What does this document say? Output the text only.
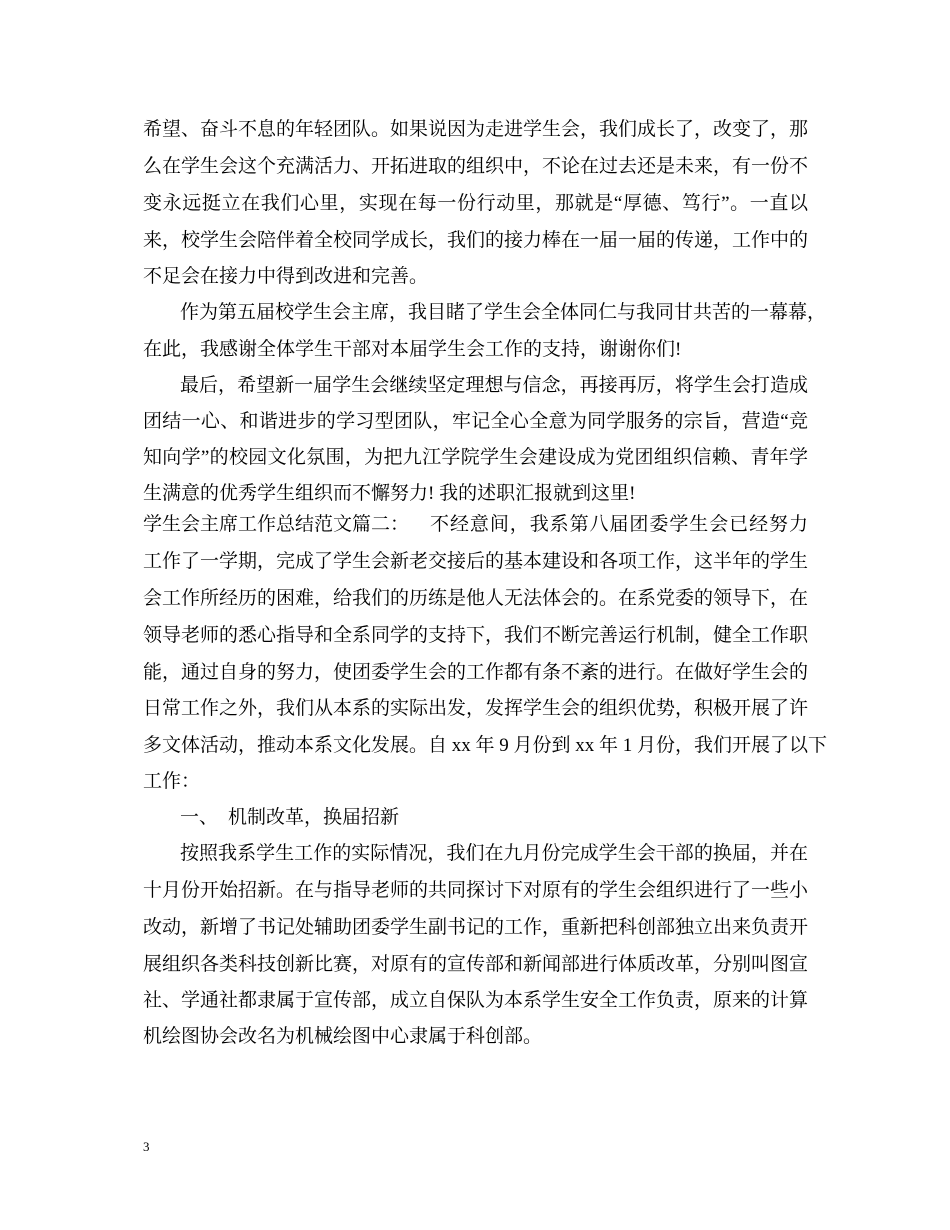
希望、奋斗不息的年轻团队。如果说因为走进学生会，我们成长了，改变了，那
么在学生会这个充满活力、开拓进取的组织中，不论在过去还是未来，有一份不
变永远挺立在我们心里，实现在每一份行动里，那就是“厚德、笃行”。一直以
来，校学生会陪伴着全校同学成长，我们的接力棒在一届一届的传递，工作中的
不足会在接力中得到改进和完善。
作为第五届校学生会主席，我目睹了学生会全体同仁与我同甘共苦的一幕幕，
在此，我感谢全体学生干部对本届学生会工作的支持，谢谢你们!
最后，希望新一届学生会继续坚定理想与信念，再接再厉，将学生会打造成
团结一心、和谐进步的学习型团队，牢记全心全意为同学服务的宗旨，营造“竞
知向学”的校园文化氛围，为把九江学院学生会建设成为党团组织信赖、青年学
生满意的优秀学生组织而不懈努力! 我的述职汇报就到这里!
学生会主席工作总结范文篇二： 不经意间，我系第八届团委学生会已经努力
工作了一学期，完成了学生会新老交接后的基本建设和各项工作，这半年的学生
会工作所经历的困难，给我们的历练是他人无法体会的。在系党委的领导下，在
领导老师的悉心指导和全系同学的支持下，我们不断完善运行机制，健全工作职
能，通过自身的努力，使团委学生会的工作都有条不紊的进行。在做好学生会的
日常工作之外，我们从本系的实际出发，发挥学生会的组织优势，积极开展了许
多文体活动，推动本系文化发展。自 xx 年 9 月份到 xx 年 1 月份，我们开展了以下
工作：
一、 机制改革，换届招新
按照我系学生工作的实际情况，我们在九月份完成学生会干部的换届，并在
十月份开始招新。在与指导老师的共同探讨下对原有的学生会组织进行了一些小
改动，新增了书记处辅助团委学生副书记的工作，重新把科创部独立出来负责开
展组织各类科技创新比赛，对原有的宣传部和新闻部进行体质改革，分别叫图宣
社、学通社都隶属于宣传部，成立自保队为本系学生安全工作负责，原来的计算
机绘图协会改名为机械绘图中心隶属于科创部。
3
